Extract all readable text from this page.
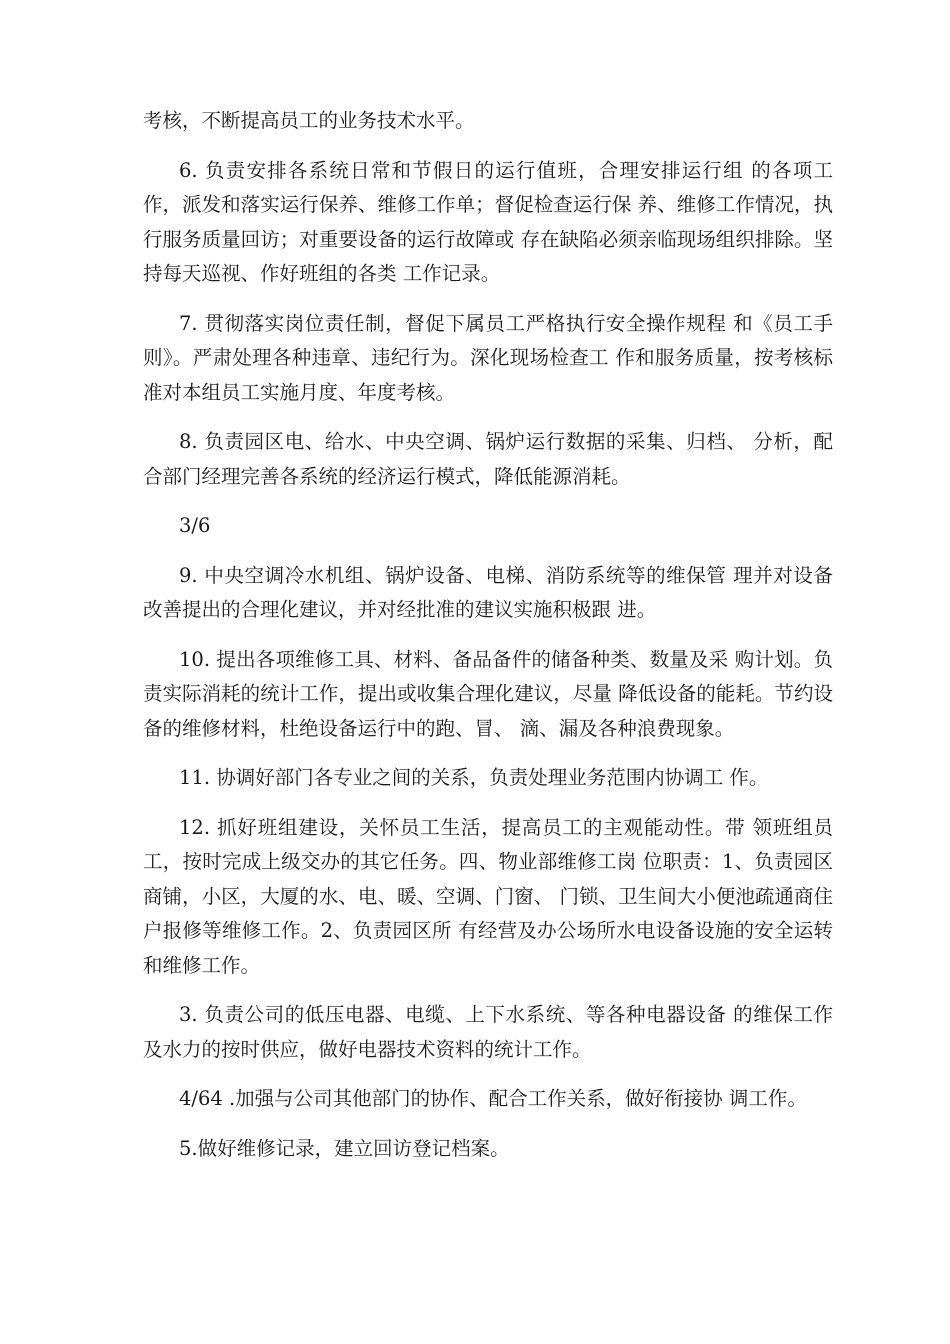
考核，不断提高员工的业务技术水平。

6. 负责安排各系统日常和节假日的运行值班，合理安排运行组 的各项工作，派发和落实运行保养、维修工作单；督促检查运行保 养、维修工作情况，执行服务质量回访；对重要设备的运行故障或 存在缺陷必须亲临现场组织排除。坚持每天巡视、作好班组的各类 工作记录。

7. 贯彻落实岗位责任制，督促下属员工严格执行安全操作规程 和《员工手则》。严肃处理各种违章、违纪行为。深化现场检查工 作和服务质量，按考核标准对本组员工实施月度、年度考核。

8. 负责园区电、给水、中央空调、锅炉运行数据的采集、归档、 分析，配合部门经理完善各系统的经济运行模式，降低能源消耗。

3/6

9. 中央空调冷水机组、锅炉设备、电梯、消防系统等的维保管 理并对设备改善提出的合理化建议，并对经批准的建议实施积极跟 进。

10. 提出各项维修工具、材料、备品备件的储备种类、数量及采 购计划。负责实际消耗的统计工作，提出或收集合理化建议，尽量 降低设备的能耗。节约设备的维修材料，杜绝设备运行中的跑、冒、 滴、漏及各种浪费现象。

11. 协调好部门各专业之间的关系，负责处理业务范围内协调工 作。

12. 抓好班组建设，关怀员工生活，提高员工的主观能动性。带 领班组员工，按时完成上级交办的其它任务。四、物业部维修工岗 位职责：1、负责园区商铺，小区，大厦的水、电、暖、空调、门窗、 门锁、卫生间大小便池疏通商住户报修等维修工作。2、负责园区所 有经营及办公场所水电设备设施的安全运转和维修工作。

3. 负责公司的低压电器、电缆、上下水系统、等各种电器设备 的维保工作及水力的按时供应，做好电器技术资料的统计工作。

4/64 .加强与公司其他部门的协作、配合工作关系，做好衔接协 调工作。

5.做好维修记录，建立回访登记档案。
